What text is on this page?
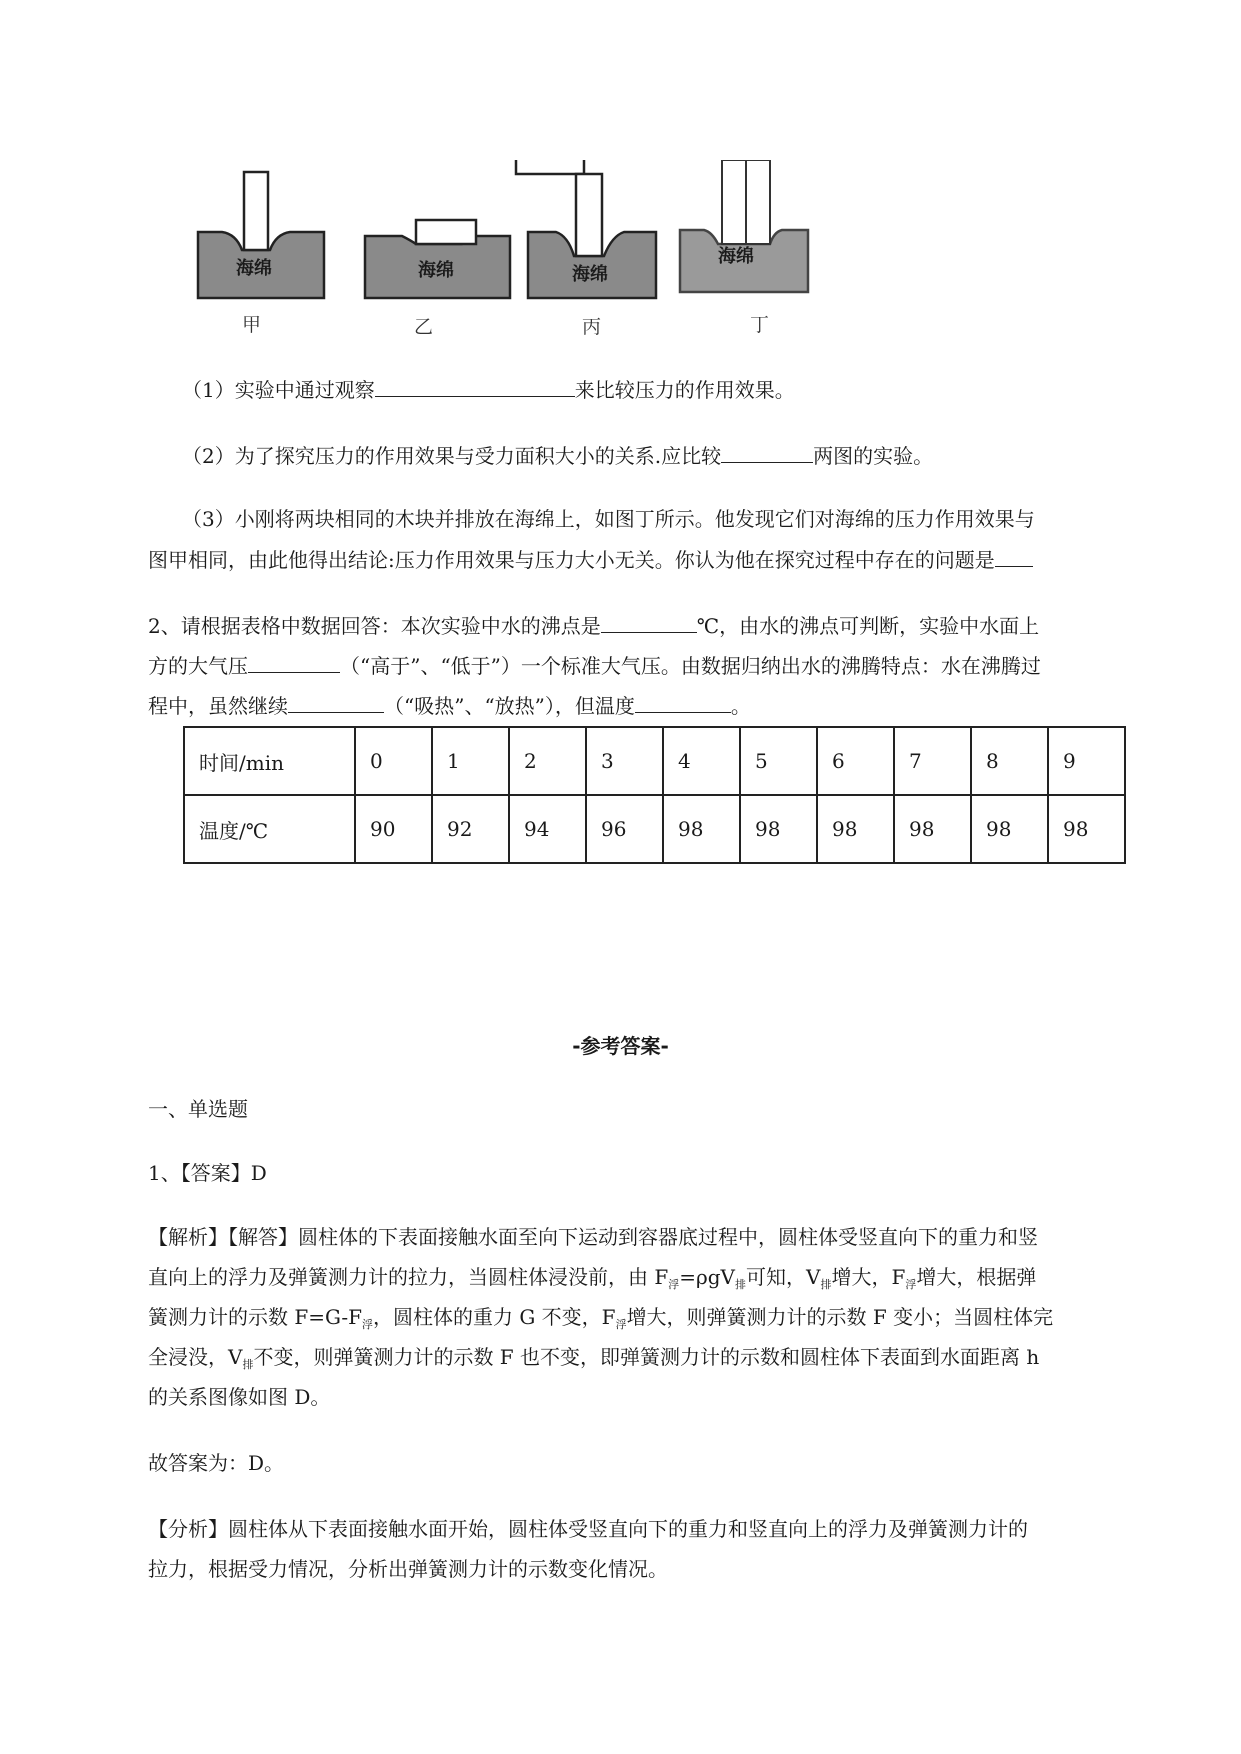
海绵	海绵	海绵
海绵
甲	乙	丙	丁
（1）实验中通过观察	来比较压力的作用效果。
（2）为了探究压力的作用效果与受力面积大小的关系.应比较	两图的实验。
（3）小刚将两块相同的木块并排放在海绵上，如图丁所示。他发现它们对海绵的压力作用效果与
图甲相同，由此他得出结论:压力作用效果与压力大小无关。你认为他在探究过程中存在的问题是
2、请根据表格中数据回答：本次实验中水的沸点是	℃，由水的沸点可判断，实验中水面上
方的大气压	（“高于”、“低于”）一个标准大气压。由数据归纳出水的沸腾特点：水在沸腾过
程中，虽然继续	（“吸热”、“放热”），但温度	。
时间/min	0	1	2	3	4	5	6	7	8	9
温度/℃	90	92	94	96	98	98	98	98	98	98
-参考答案-
一、单选题
1、【答案】D
【解析】【解答】圆柱体的下表面接触水面至向下运动到容器底过程中，圆柱体受竖直向下的重力和竖
直向上的浮力及弹簧测力计的拉力，当圆柱体浸没前，由 $F_浮=\rho gV_排$可知，$V_排$增大，$F_浮$增大，根据弹
簧测力计的示数 $F=G-F_浮$，圆柱体的重力 G 不变，$F_浮$增大，则弹簧测力计的示数 F 变小；当圆柱体完
全浸没，$V_排$不变，则弹簧测力计的示数 F 也不变，即弹簧测力计的示数和圆柱体下表面到水面距离 h
的关系图像如图 D。
故答案为：D。
【分析】圆柱体从下表面接触水面开始，圆柱体受竖直向下的重力和竖直向上的浮力及弹簧测力计的
拉力，根据受力情况，分析出弹簧测力计的示数变化情况。
